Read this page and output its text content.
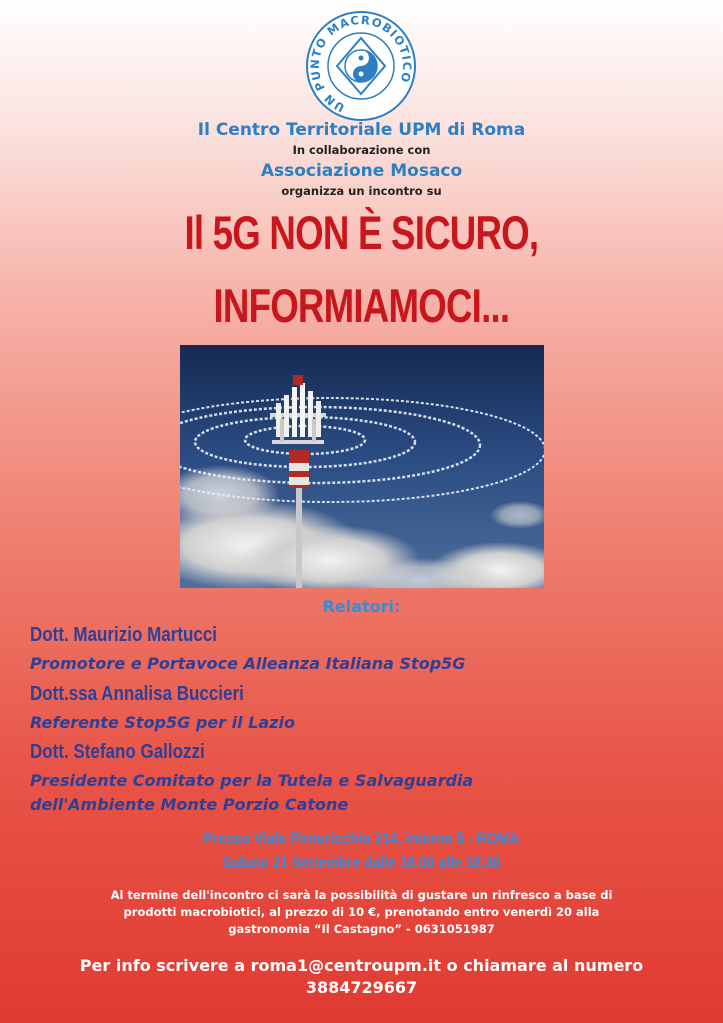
UN PUNTO MACROBIOTICO
Il Centro Territoriale UPM di Roma
In collaborazione con
Associazione Mosaco
organizza un incontro su
Il 5G NON È SICURO,
INFORMIAMOCI...
Relatori:
Dott. Maurizio Martucci
Promotore e Portavoce Alleanza Italiana Stop5G
Dott.ssa Annalisa Buccieri
Referente Stop5G per il Lazio
Dott. Stefano Gallozzi
Presidente Comitato per la Tutela e Salvaguardia
dell'Ambiente Monte Porzio Catone
Presso Viale Pinturicchio 214, interno 5 - ROMA
Sabato 21 Settembre dalle 16.00 alle 18.30
Al termine dell'incontro ci sarà la possibilità di gustare un rinfresco a base di
prodotti macrobiotici, al prezzo di 10 €, prenotando entro venerdì 20 alla
gastronomia “Il Castagno” - 0631051987
Per info scrivere a roma1@centroupm.it o chiamare al numero
3884729667
